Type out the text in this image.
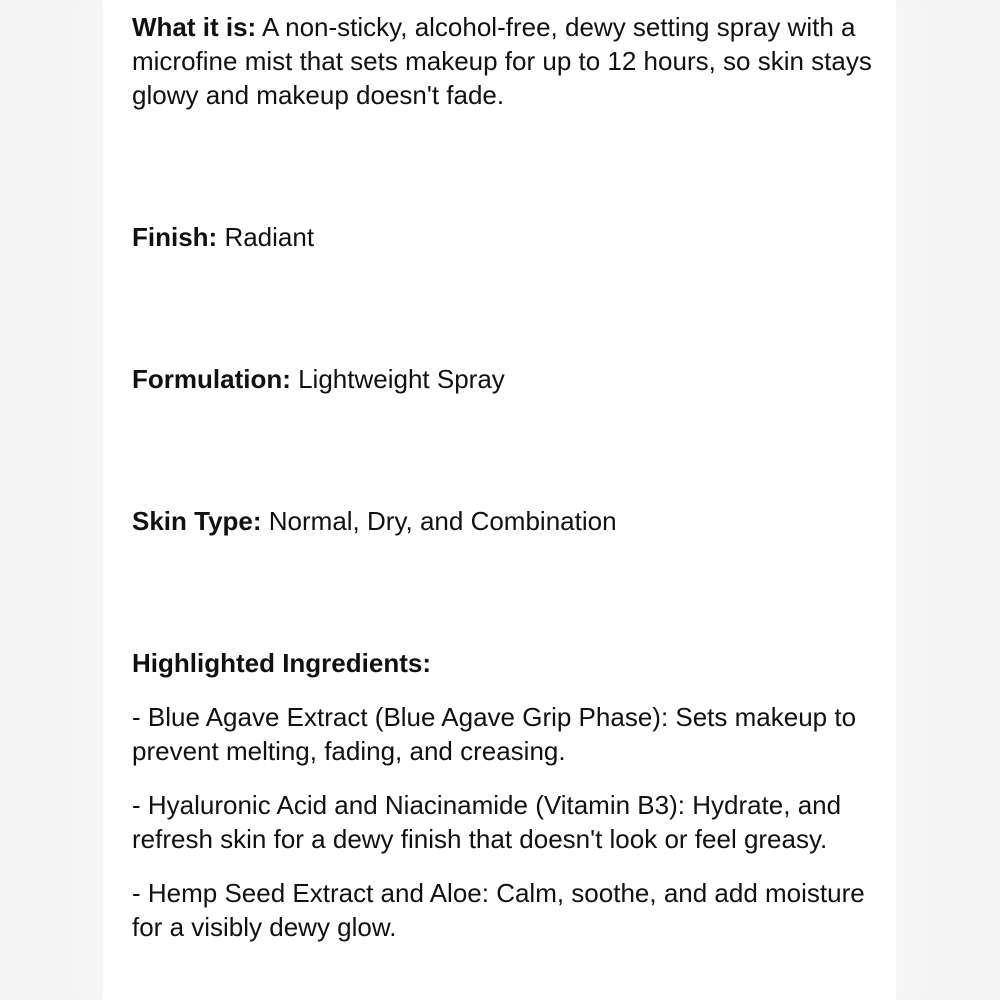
What it is: A non-sticky, alcohol-free, dewy setting spray with a microfine mist that sets makeup for up to 12 hours, so skin stays glowy and makeup doesn't fade.

Finish: Radiant

Formulation: Lightweight Spray

Skin Type: Normal, Dry, and Combination

Highlighted Ingredients:

- Blue Agave Extract (Blue Agave Grip Phase): Sets makeup to prevent melting, fading, and creasing.

- Hyaluronic Acid and Niacinamide (Vitamin B3): Hydrate, and refresh skin for a dewy finish that doesn't look or feel greasy.

- Hemp Seed Extract and Aloe: Calm, soothe, and add moisture for a visibly dewy glow.
